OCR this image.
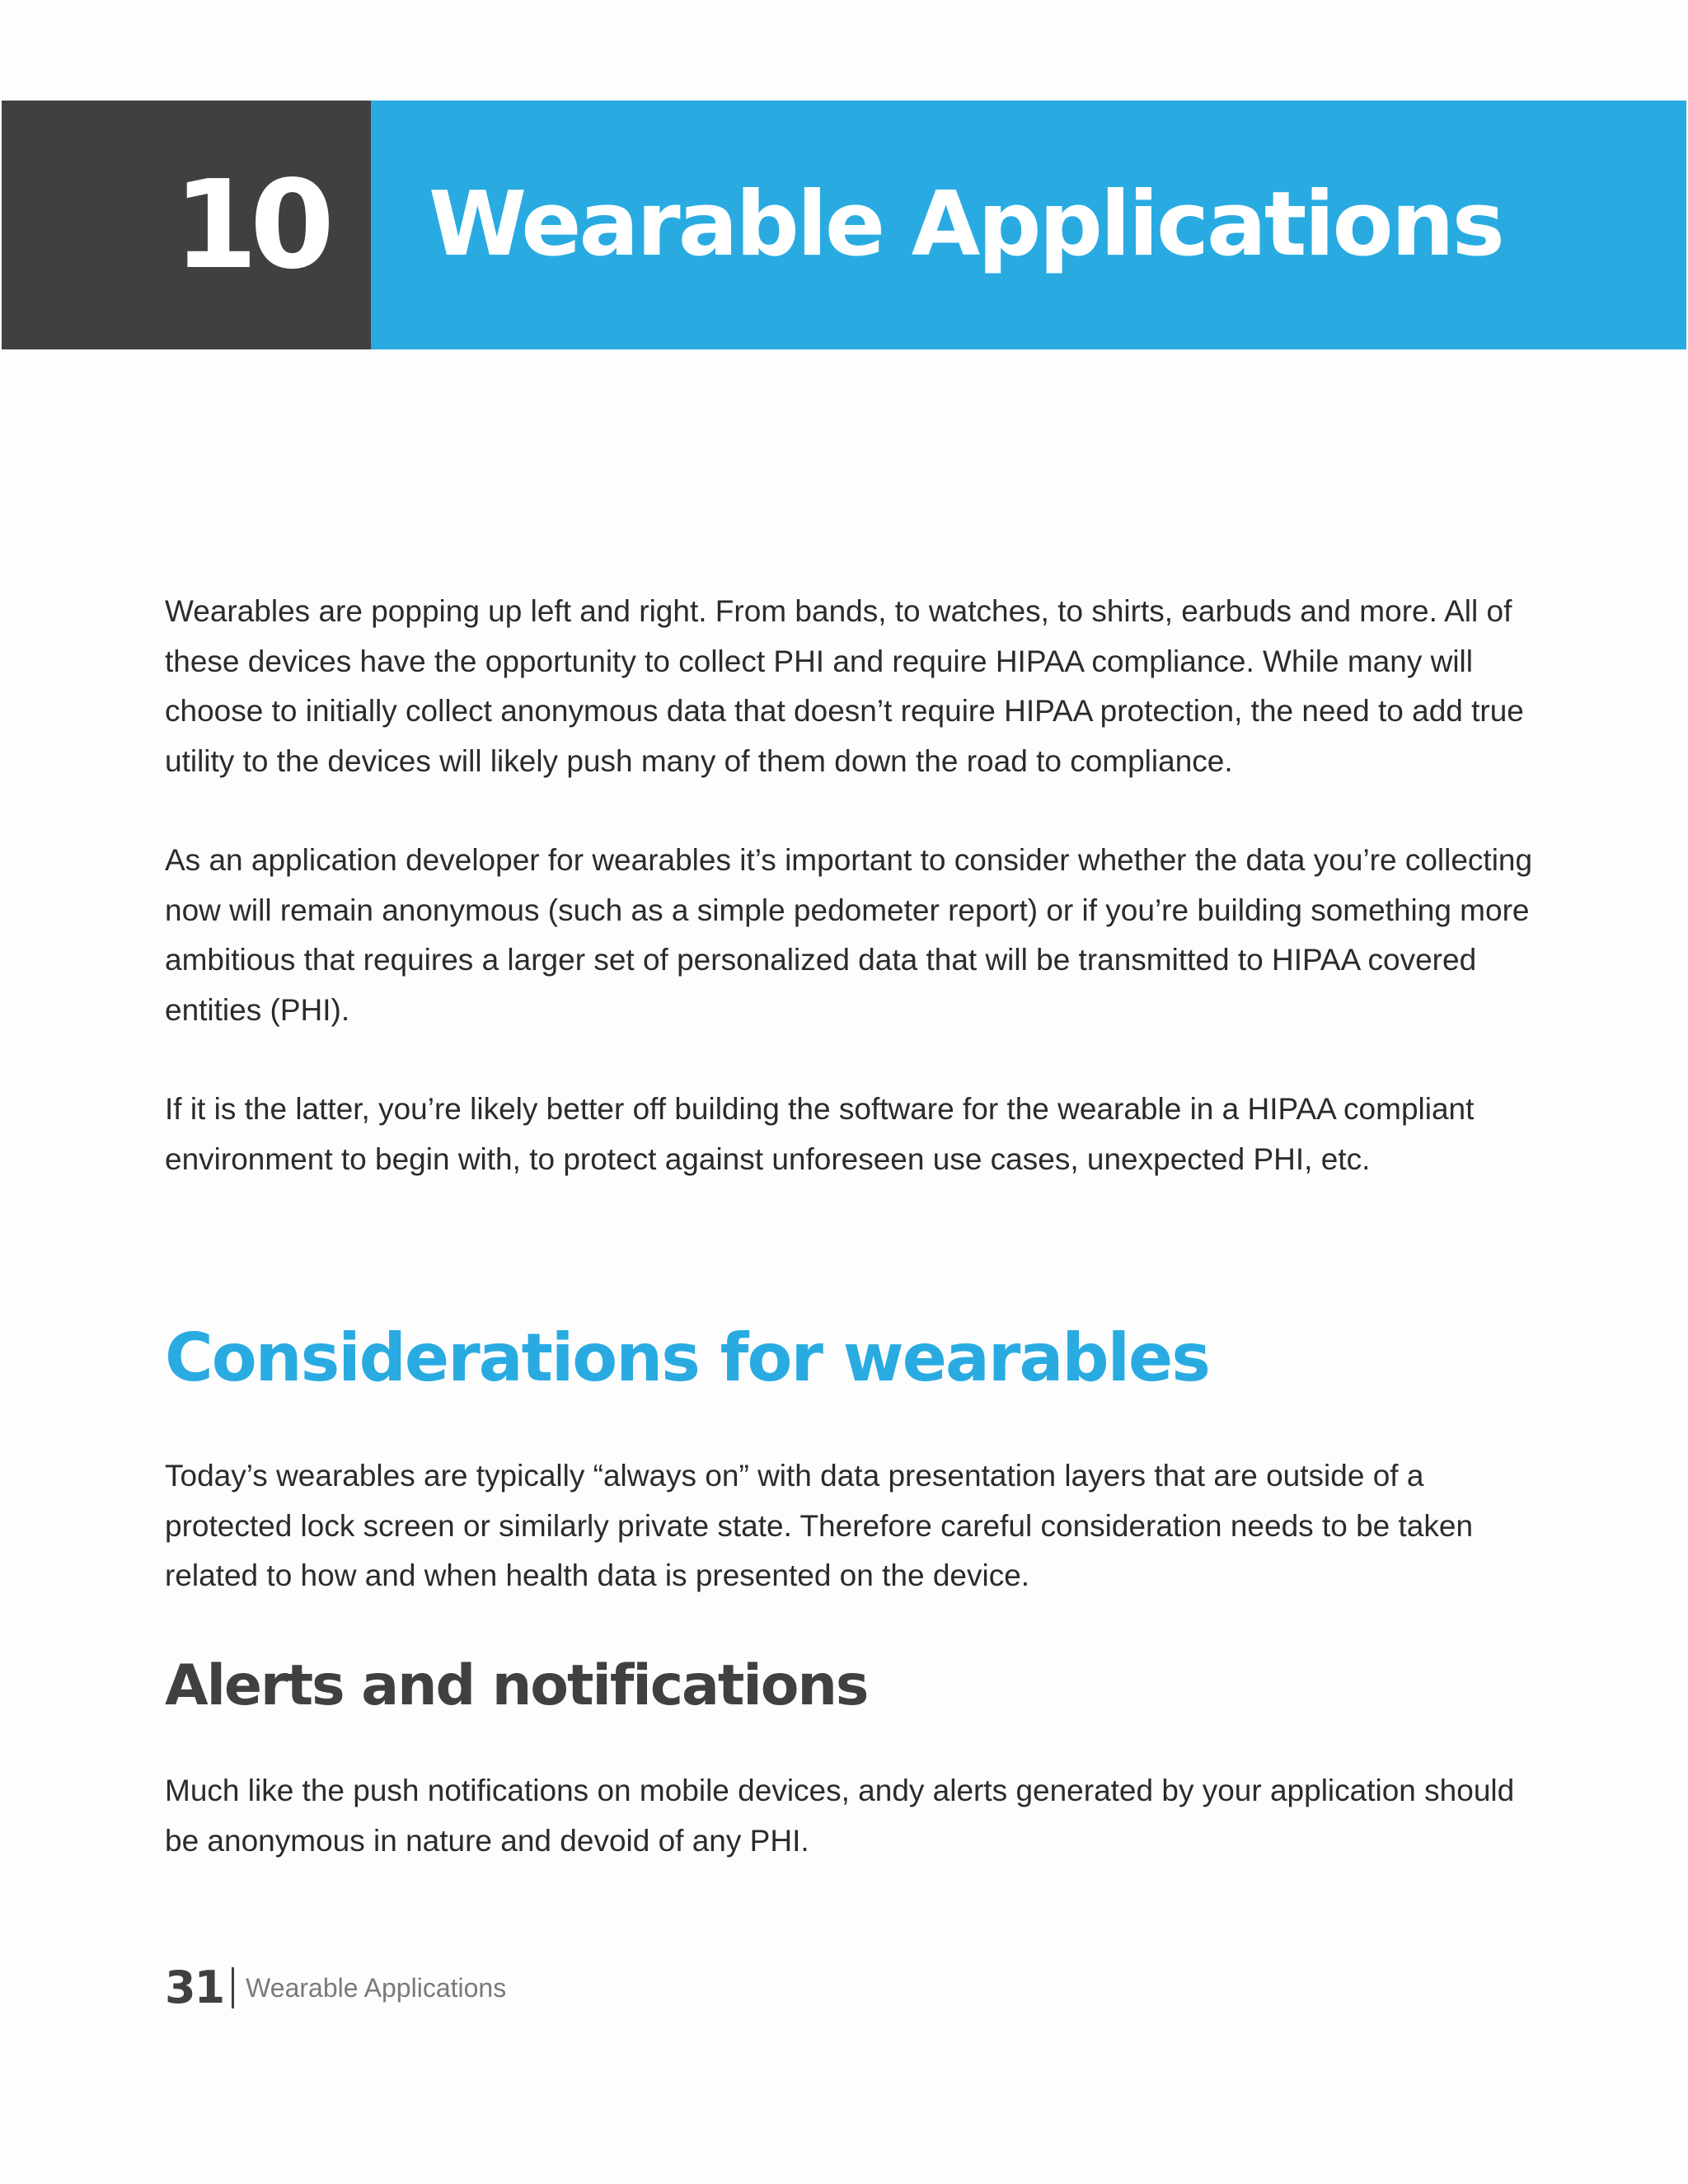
10 Wearable Applications

Wearables are popping up left and right. From bands, to watches, to shirts, earbuds and more. All of these devices have the opportunity to collect PHI and require HIPAA compliance. While many will choose to initially collect anonymous data that doesn’t require HIPAA protection, the need to add true utility to the devices will likely push many of them down the road to compliance.

As an application developer for wearables it’s important to consider whether the data you’re collecting now will remain anonymous (such as a simple pedometer report) or if you’re building something more ambitious that requires a larger set of personalized data that will be transmitted to HIPAA covered entities (PHI).

If it is the latter, you’re likely better off building the software for the wearable in a HIPAA compliant environment to begin with, to protect against unforeseen use cases, unexpected PHI, etc.

Considerations for wearables

Today’s wearables are typically “always on” with data presentation layers that are outside of a protected lock screen or similarly private state. Therefore careful consideration needs to be taken related to how and when health data is presented on the device.

Alerts and notifications

Much like the push notifications on mobile devices, andy alerts generated by your application should be anonymous in nature and devoid of any PHI.

31 Wearable Applications
